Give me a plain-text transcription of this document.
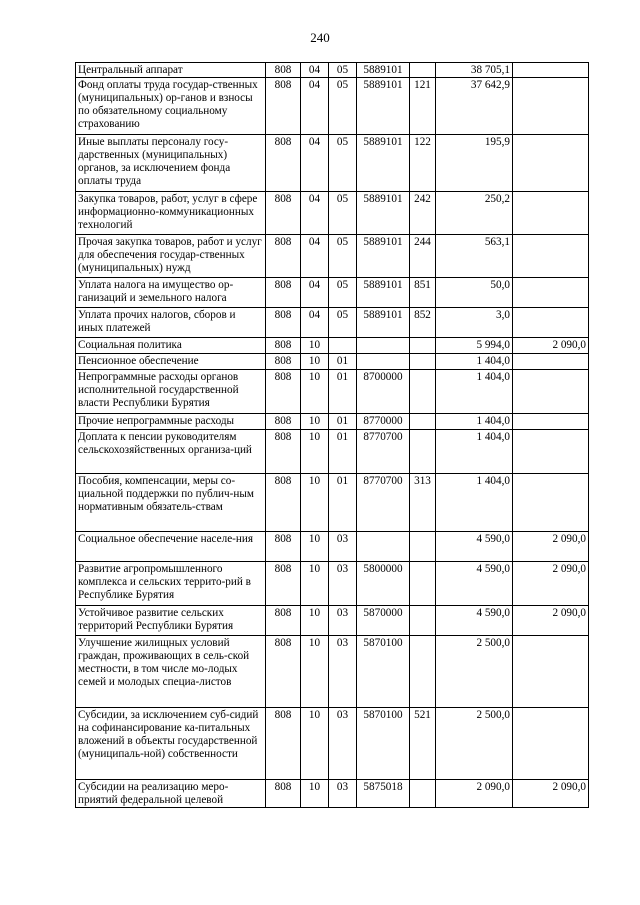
240
Центральный аппарат	808	04	05	5889101		38 705,1	
Фонд оплаты труда государ-ственных (муниципальных) ор-ганов и взносы по обязательному социальному страхованию	808	04	05	5889101	121	37 642,9	
Иные выплаты персоналу госу-дарственных (муниципальных) органов, за исключением фонда оплаты труда	808	04	05	5889101	122	195,9	
Закупка товаров, работ, услуг в сфере информационно-коммуникационных технологий	808	04	05	5889101	242	250,2	
Прочая закупка товаров, работ и услуг для обеспечения государ-ственных (муниципальных) нужд	808	04	05	5889101	244	563,1	
Уплата налога на имущество ор-ганизаций и земельного налога	808	04	05	5889101	851	50,0	
Уплата прочих налогов, сборов и иных платежей	808	04	05	5889101	852	3,0	
Социальная политика	808	10				5 994,0	2 090,0
Пенсионное обеспечение	808	10	01			1 404,0	
Непрограммные расходы органов исполнительной государственной власти Республики Бурятия	808	10	01	8700000		1 404,0	
Прочие непрограммные расходы	808	10	01	8770000		1 404,0	
Доплата к пенсии руководителям сельскохозяйственных организа-ций	808	10	01	8770700		1 404,0	
Пособия, компенсации, меры со-циальной поддержки по публич-ным нормативным обязатель-ствам	808	10	01	8770700	313	1 404,0	
Социальное обеспечение населе-ния	808	10	03			4 590,0	2 090,0
Развитие агропромышленного комплекса и сельских террито-рий в Республике Бурятия	808	10	03	5800000		4 590,0	2 090,0
Устойчивое развитие сельских территорий Республики Бурятия	808	10	03	5870000		4 590,0	2 090,0
Улучшение жилищных условий граждан, проживающих в сель-ской местности, в том числе мо-лодых семей и молодых специа-листов	808	10	03	5870100		2 500,0	
Субсидии, за исключением суб-сидий на софинансирование ка-питальных вложений в объекты государственной (муниципаль-ной) собственности	808	10	03	5870100	521	2 500,0	
Субсидии на реализацию меро-приятий федеральной целевой	808	10	03	5875018		2 090,0	2 090,0
